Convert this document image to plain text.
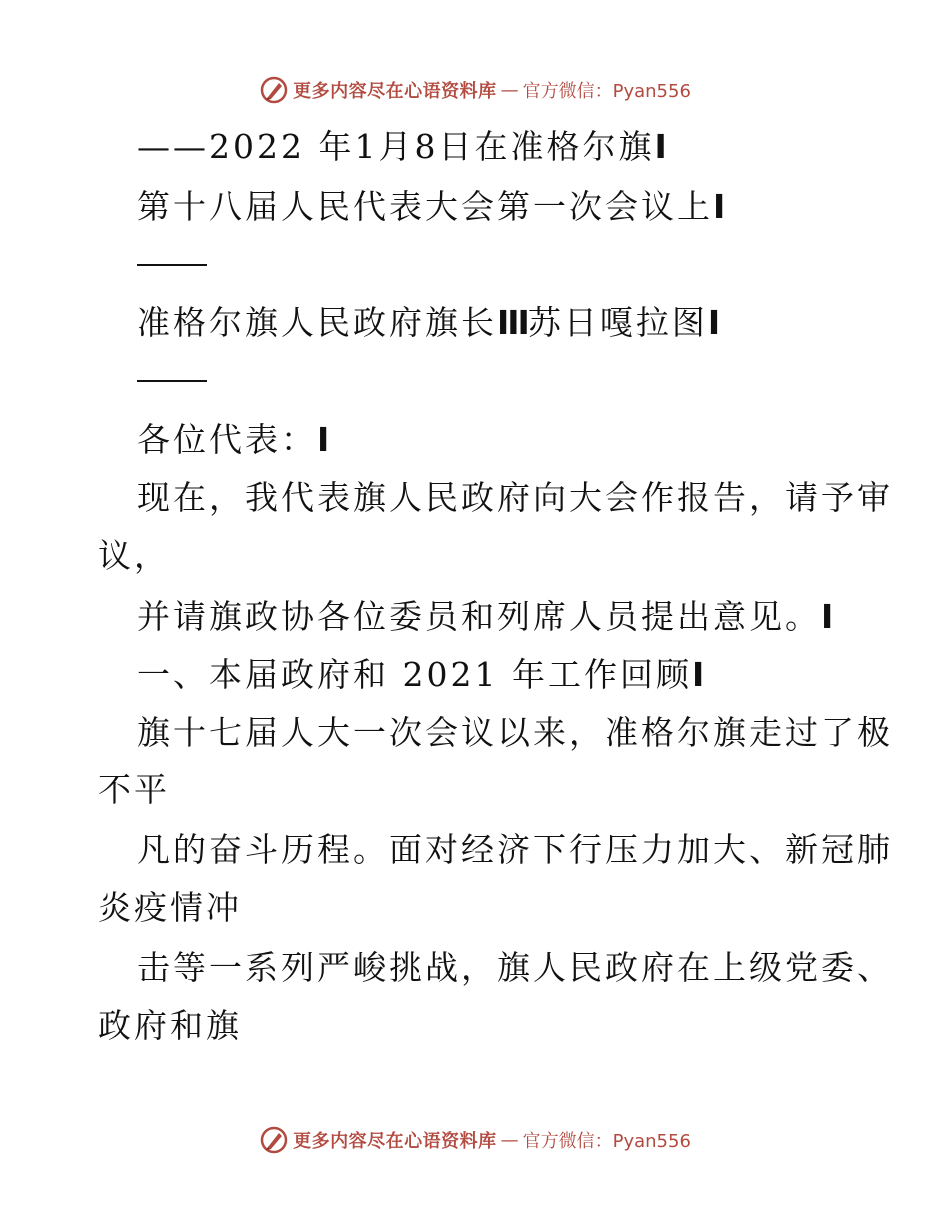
更多内容尽在心语资料库 — 官方微信：Pyan556
——2022 年1月8日在准格尔旗Ⅰ
第十八届人民代表大会第一次会议上Ⅰ
准格尔旗人民政府旗长ⅠⅠⅠ苏日嘎拉图Ⅰ
各位代表：Ⅰ
现在，我代表旗人民政府向大会作报告，请予审
议，
并请旗政协各位委员和列席人员提出意见。Ⅰ
一、本届政府和 2021 年工作回顾Ⅰ
旗十七届人大一次会议以来，准格尔旗走过了极
不平
凡的奋斗历程。面对经济下行压力加大、新冠肺
炎疫情冲
击等一系列严峻挑战，旗人民政府在上级党委、
政府和旗
更多内容尽在心语资料库 — 官方微信：Pyan556
